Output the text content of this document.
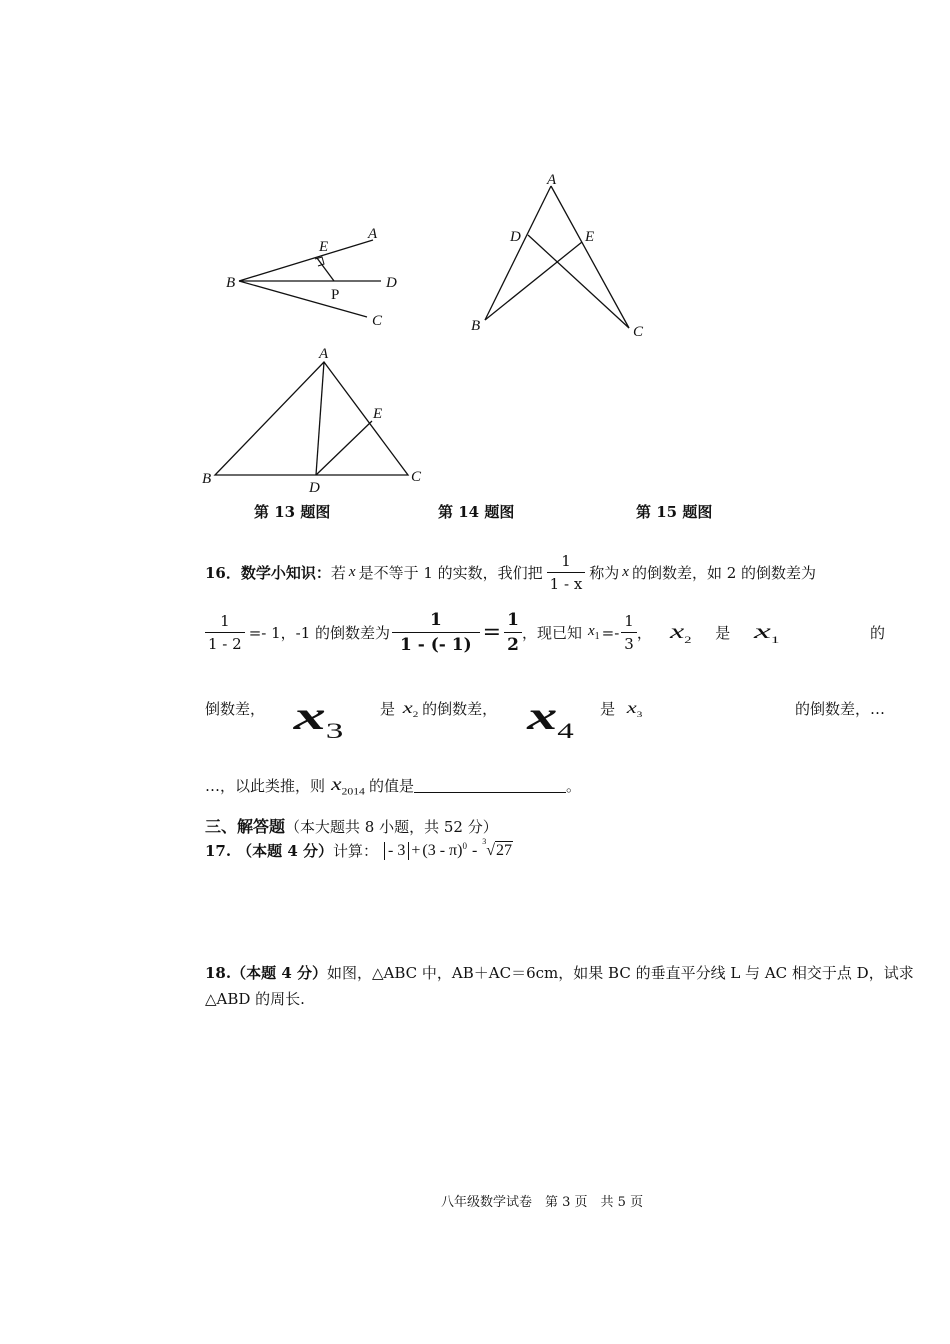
A
B
C
D
E
P
A
B	C
D	E
A
B	C
D
E
第 13 题图	第 14 题图	第 15 题图
16． 数学小知识： 若 x 是不等于 1 的实数，我们把 $\frac{1}{1 - x}$ 称为 x 的倒数差，如 2 的倒数差为
$\frac{1}{1 - 2} =- 1$ ，-1 的倒数差为 $\frac{1}{1 - (- 1)} = \frac{1}{2}$ ，现已知 $x_1 =- \frac{1}{3}$ ， $x_2$ 是 $x_1$	的
倒数差， $x_3$
是 $x_2$ 的倒数差， $x_4$
是 $x_3$	的倒数差，…
…，以此类推，则 $x_{2014}$ 的值是	。
三、解答题（本大题共 8 小题，共 52 分）
17. （本题 4 分） 计算： - 3 + (3 - π)$^0$ - 3
√ 27
18.（本题 4 分）如图，△ABC 中，AB＋AC＝6cm，如果 BC 的垂直平分线 L 与 AC 相交于点 D，试求
△ABD 的周长.
八年级数学试卷　第 3 页　共 5 页
